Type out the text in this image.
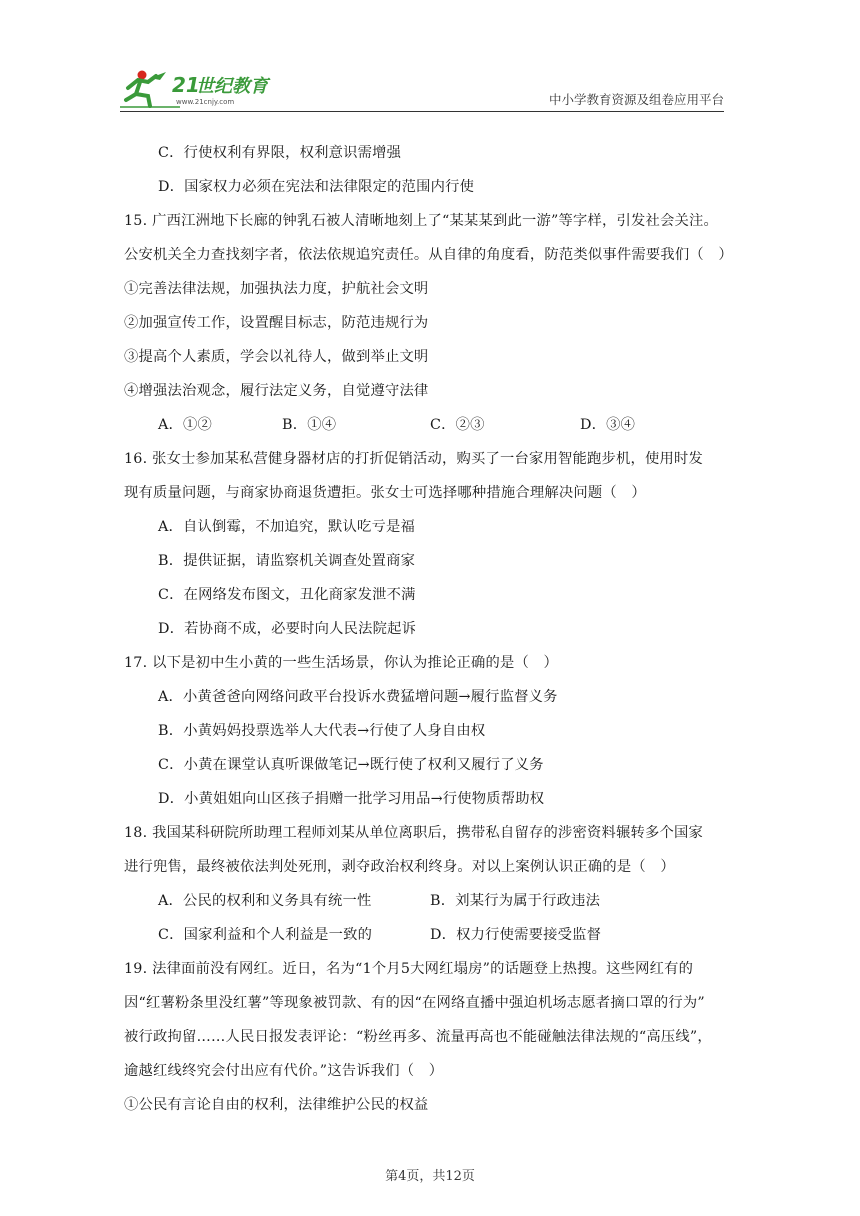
21
世纪教育
www.21cnjy.com	中小学教育资源及组卷应用平台
C．行使权利有界限，权利意识需增强
D．国家权力必须在宪法和法律限定的范围内行使
15. 广西江洲地下长廊的钟乳石被人清晰地刻上了“某某某到此一游”等字样，引发社会关注。
公安机关全力查找刻字者，依法依规追究责任。从自律的角度看，防范类似事件需要我们（　）
①完善法律法规，加强执法力度，护航社会文明
②加强宣传工作，设置醒目标志，防范违规行为
③提高个人素质，学会以礼待人，做到举止文明
④增强法治观念，履行法定义务，自觉遵守法律
A．①②	B．①④	C．②③	D．③④
16. 张女士参加某私营健身器材店的打折促销活动，购买了一台家用智能跑步机，使用时发
现有质量问题，与商家协商退货遭拒。张女士可选择哪种措施合理解决问题（　）
A．自认倒霉，不加追究，默认吃亏是福
B．提供证据，请监察机关调查处置商家
C．在网络发布图文，丑化商家发泄不满
D．若协商不成，必要时向人民法院起诉
17. 以下是初中生小黄的一些生活场景，你认为推论正确的是（　）
A．小黄爸爸向网络问政平台投诉水费猛增问题→履行监督义务
B．小黄妈妈投票选举人大代表→行使了人身自由权
C．小黄在课堂认真听课做笔记→既行使了权利又履行了义务
D．小黄姐姐向山区孩子捐赠一批学习用品→行使物质帮助权
18. 我国某科研院所助理工程师刘某从单位离职后，携带私自留存的涉密资料辗转多个国家
进行兜售，最终被依法判处死刑，剥夺政治权利终身。对以上案例认识正确的是（　）
A．公民的权利和义务具有统一性	B．刘某行为属于行政违法
C．国家利益和个人利益是一致的	D．权力行使需要接受监督
19. 法律面前没有网红。近日，名为“1个月5大网红塌房”的话题登上热搜。这些网红有的
因“红薯粉条里没红薯”等现象被罚款、有的因“在网络直播中强迫机场志愿者摘口罩的行为”
被行政拘留……人民日报发表评论：“粉丝再多、流量再高也不能碰触法律法规的“高压线”，
逾越红线终究会付出应有代价。”这告诉我们（　）
①公民有言论自由的权利，法律维护公民的权益
第4页，共12页
